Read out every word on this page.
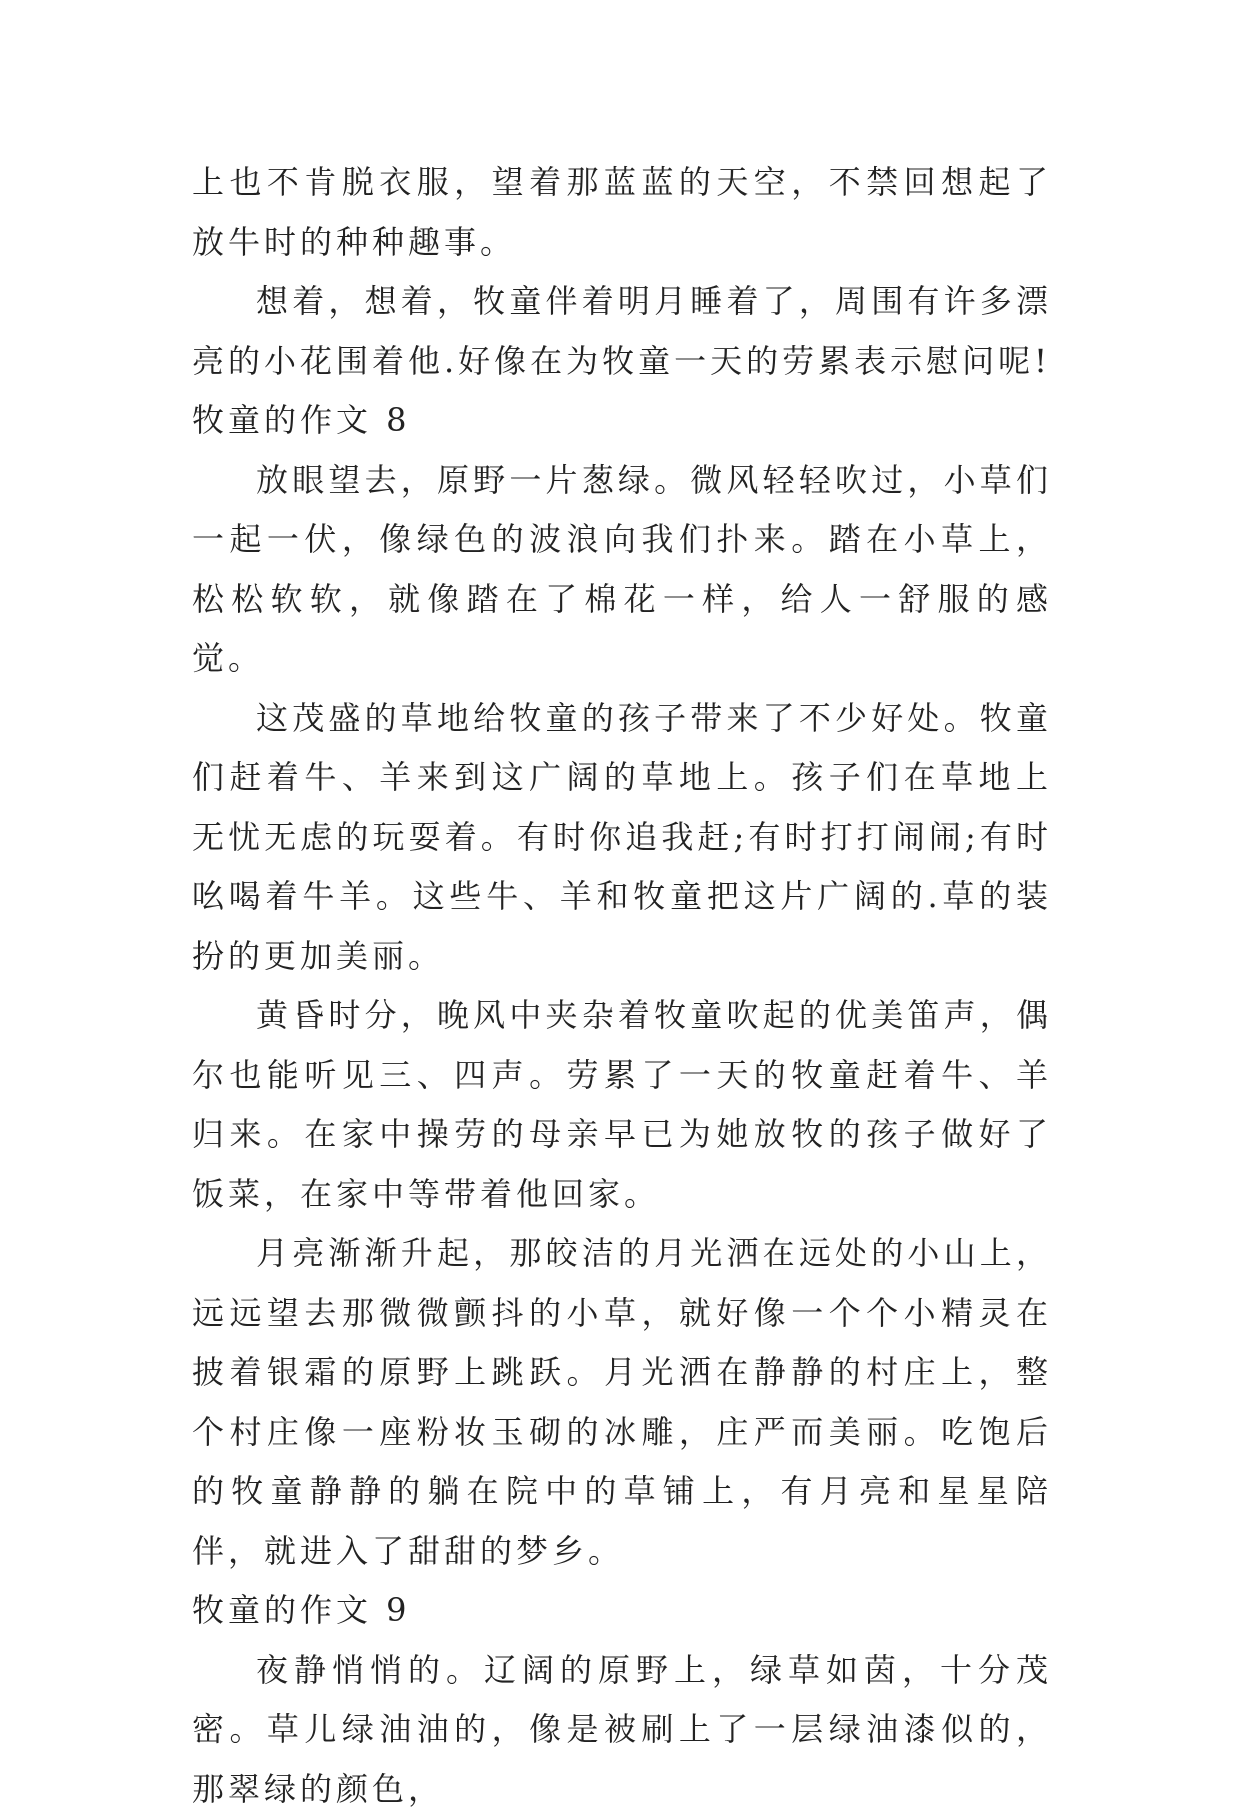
上也不肯脱衣服，望着那蓝蓝的天空，不禁回想起了放牛时的种种趣事。

想着，想着，牧童伴着明月睡着了，周围有许多漂亮的小花围着他.好像在为牧童一天的劳累表示慰问呢!

牧童的作文 8

放眼望去，原野一片葱绿。微风轻轻吹过，小草们一起一伏，像绿色的波浪向我们扑来。踏在小草上，松松软软，就像踏在了棉花一样，给人一舒服的感觉。

这茂盛的草地给牧童的孩子带来了不少好处。牧童们赶着牛、羊来到这广阔的草地上。孩子们在草地上无忧无虑的玩耍着。有时你追我赶;有时打打闹闹;有时吆喝着牛羊。这些牛、羊和牧童把这片广阔的.草的装扮的更加美丽。

黄昏时分，晚风中夹杂着牧童吹起的优美笛声，偶尔也能听见三、四声。劳累了一天的牧童赶着牛、羊归来。在家中操劳的母亲早已为她放牧的孩子做好了饭菜，在家中等带着他回家。

月亮渐渐升起，那皎洁的月光洒在远处的小山上，远远望去那微微颤抖的小草，就好像一个个小精灵在披着银霜的原野上跳跃。月光洒在静静的村庄上，整个村庄像一座粉妆玉砌的冰雕，庄严而美丽。吃饱后的牧童静静的躺在院中的草铺上，有月亮和星星陪伴，就进入了甜甜的梦乡。

牧童的作文 9

夜静悄悄的。辽阔的原野上，绿草如茵，十分茂密。草儿绿油油的，像是被刷上了一层绿油漆似的，那翠绿的颜色，
